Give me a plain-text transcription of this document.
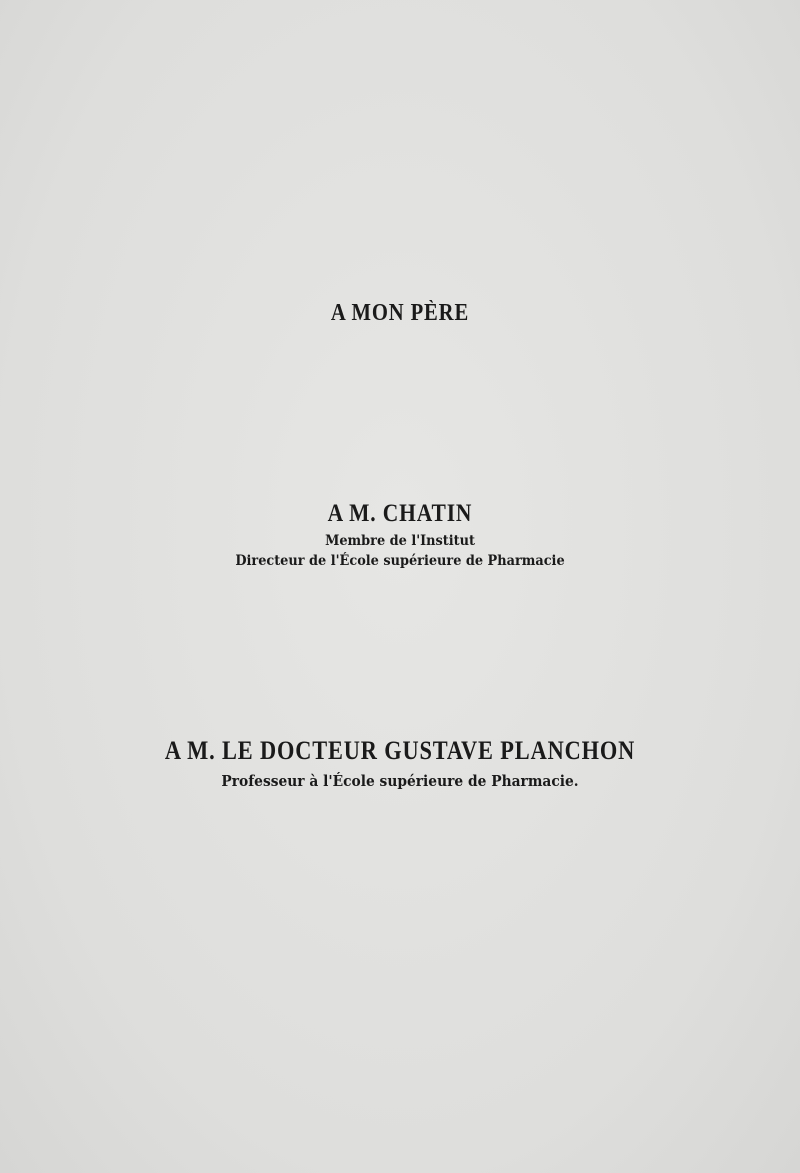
A MON PÈRE

A M. CHATIN

Membre de l'Institut

Directeur de l'École supérieure de Pharmacie

A M. LE DOCTEUR GUSTAVE PLANCHON

Professeur à l'École supérieure de Pharmacie.
